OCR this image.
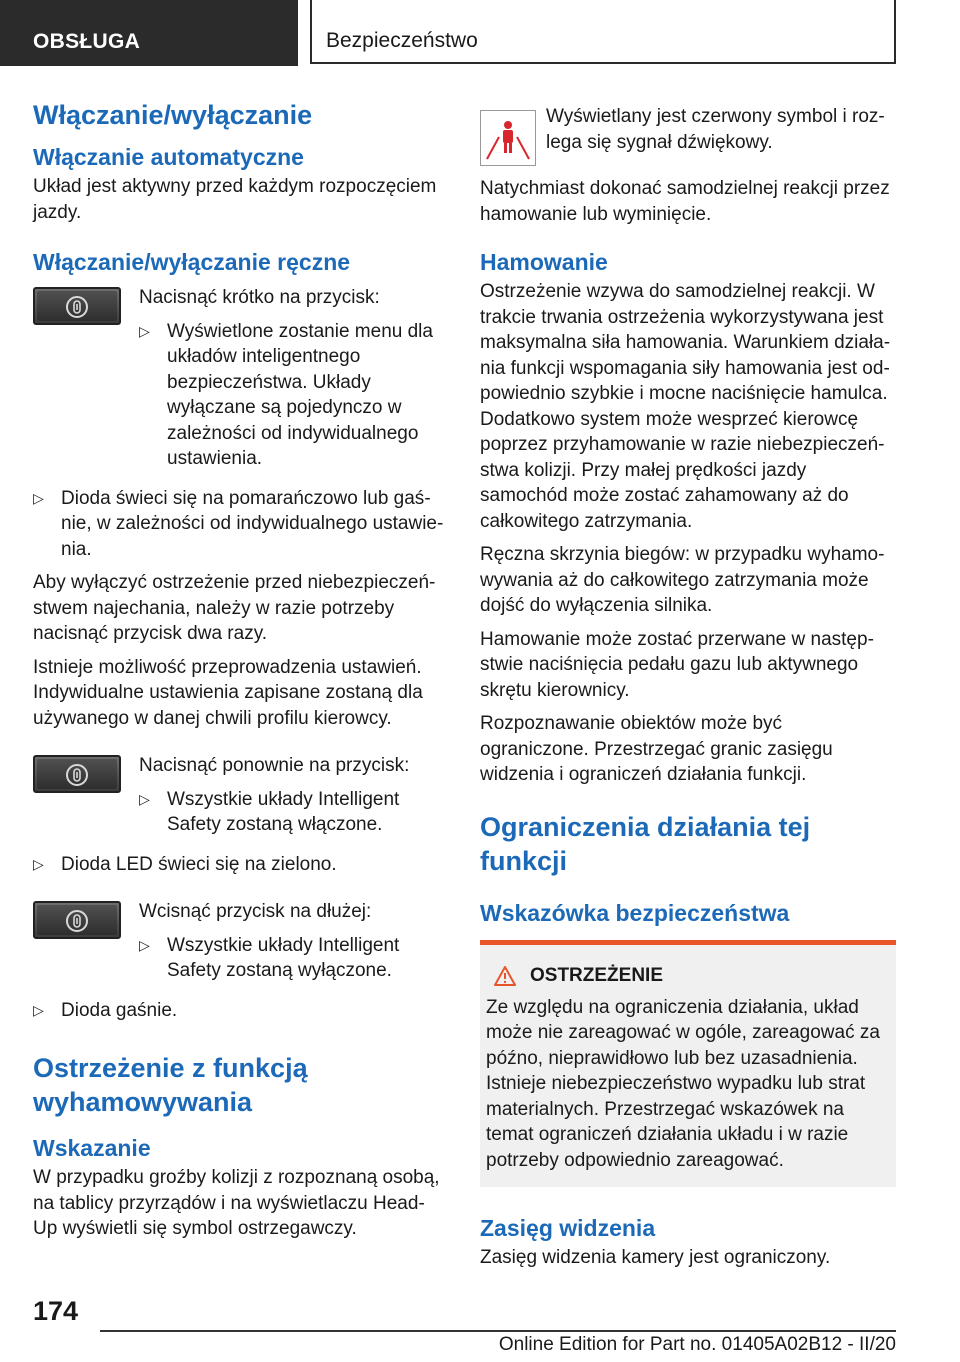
OBSŁUGA	Bezpieczeństwo
Włączanie/wyłączanie
Włączanie automatyczne

Układ jest aktywny przed każdym rozpoczęciem jazdy.

Włączanie/wyłączanie ręczne

Nacisnąć krótko na przycisk:

▷ Wyświetlone zostanie menu dla układów inteligentnego bezpieczeństwa. Układy wyłączane są pojedynczo w zależności od indywidualnego ustawienia.
▷ Dioda świeci się na pomarańczowo lub gaśnie, w zależności od indywidualnego ustawienia.

Aby wyłączyć ostrzeżenie przed niebezpieczeństwem najechania, należy w razie potrzeby nacisnąć przycisk dwa razy.

Istnieje możliwość przeprowadzenia ustawień. Indywidualne ustawienia zapisane zostaną dla używanego w danej chwili profilu kierowcy.

Nacisnąć ponownie na przycisk:

▷ Wszystkie układy Intelligent Safety zostaną włączone.
▷ Dioda LED świeci się na zielono.

Wcisnąć przycisk na dłużej:

▷ Wszystkie układy Intelligent Safety zostaną wyłączone.
▷ Dioda gaśnie.
Ostrzeżenie z funkcją wyhamowywania
Wskazanie

W przypadku groźby kolizji z rozpoznaną osobą, na tablicy przyrządów i na wyświetlaczu Head-Up wyświetli się symbol ostrzegawczy.

Wyświetlany jest czerwony symbol i rozlega się sygnał dźwiękowy.

Natychmiast dokonać samodzielnej reakcji przez hamowanie lub wyminięcie.

Hamowanie

Ostrzeżenie wzywa do samodzielnej reakcji. W trakcie trwania ostrzeżenia wykorzystywana jest maksymalna siła hamowania. Warunkiem działania funkcji wspomagania siły hamowania jest odpowiednio szybkie i mocne naciśnięcie hamulca. Dodatkowo system może wesprzeć kierowcę poprzez przyhamowanie w razie niebezpieczeństwa kolizji. Przy małej prędkości jazdy samochód może zostać zahamowany aż do całkowitego zatrzymania.

Ręczna skrzynia biegów: w przypadku wyhamowywania aż do całkowitego zatrzymania może dojść do wyłączenia silnika.

Hamowanie może zostać przerwane w następstwie naciśnięcia pedału gazu lub aktywnego skrętu kierownicy.

Rozpoznawanie obiektów może być ograniczone. Przestrzegać granic zasięgu widzenia i ograniczeń działania funkcji.

Ograniczenia działania tej funkcji
Wskazówka bezpieczeństwa
OSTRZEŻENIE

Ze względu na ograniczenia działania, układ może nie zareagować w ogóle, zareagować za późno, nieprawidłowo lub bez uzasadnienia. Istnieje niebezpieczeństwo wypadku lub strat materialnych. Przestrzegać wskazówek na temat ograniczeń działania układu i w razie potrzeby odpowiednio zareagować.

Zasięg widzenia

Zasięg widzenia kamery jest ograniczony.

174
Online Edition for Part no. 01405A02B12 - II/20
